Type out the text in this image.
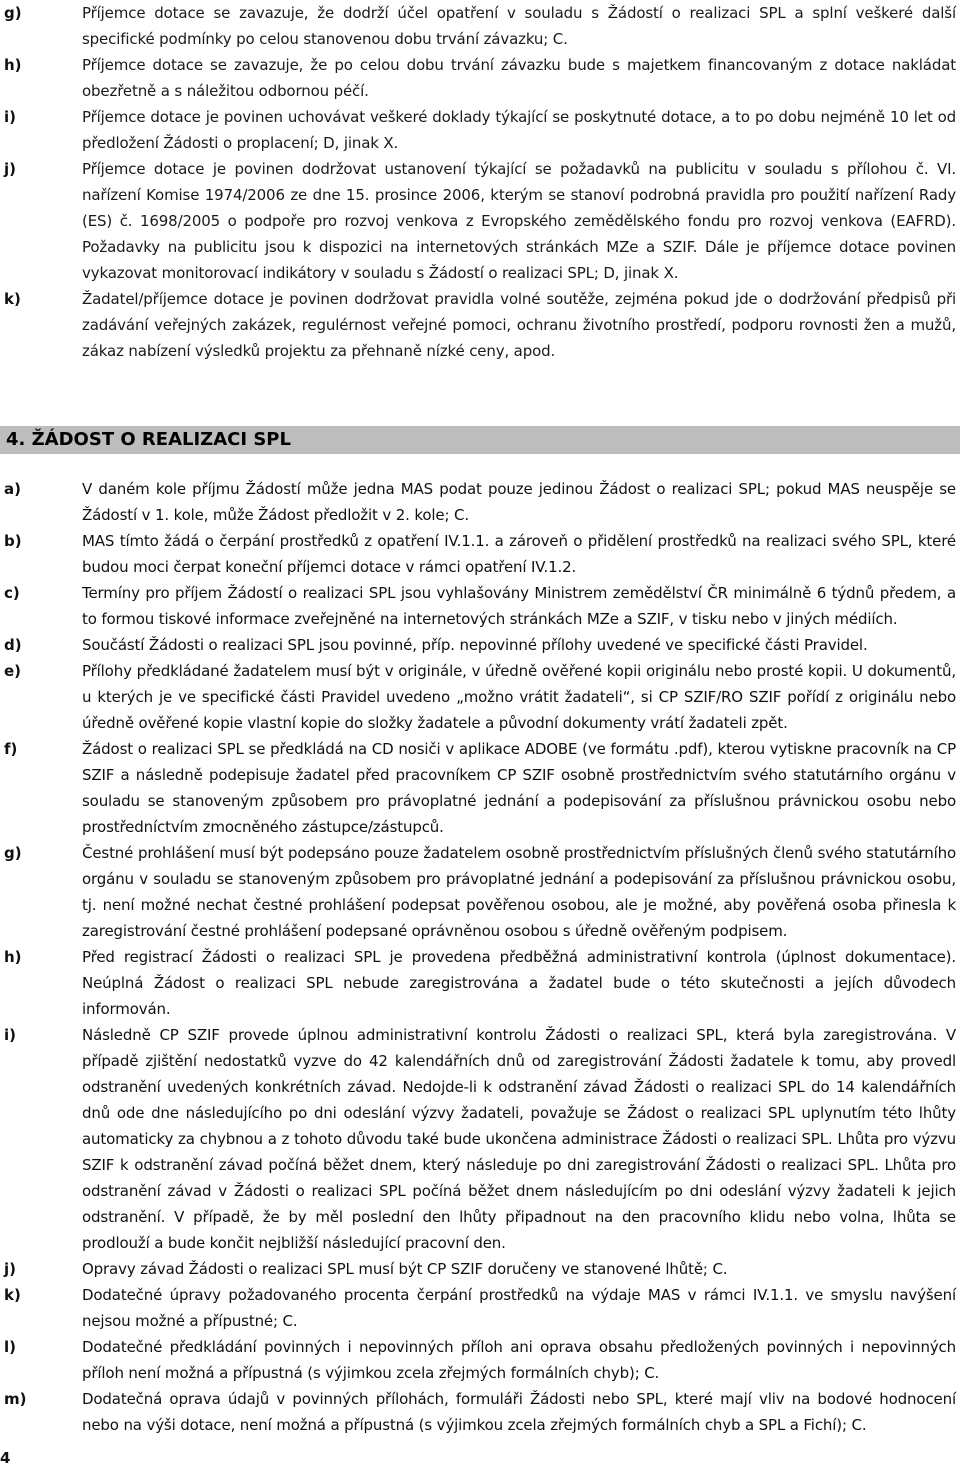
g)	Příjemce dotace se zavazuje, že dodrží účel opatření v souladu s Žádostí o realizaci SPL a splní veškeré další specifické podmínky po celou stanovenou dobu trvání závazku; C.
h)	Příjemce dotace se zavazuje, že po celou dobu trvání závazku bude s majetkem financovaným z dotace nakládat obezřetně a s náležitou odbornou péčí.
i)	Příjemce dotace je povinen uchovávat veškeré doklady týkající se poskytnuté dotace, a to po dobu nejméně 10 let od předložení Žádosti o proplacení; D, jinak X.
j)	Příjemce dotace je povinen dodržovat ustanovení týkající se požadavků na publicitu v souladu s přílohou č. VI. nařízení Komise 1974/2006 ze dne 15. prosince 2006, kterým se stanoví podrobná pravidla pro použití nařízení Rady (ES) č. 1698/2005 o podpoře pro rozvoj venkova z Evropského zemědělského fondu pro rozvoj venkova (EAFRD). Požadavky na publicitu jsou k dispozici na internetových stránkách MZe a SZIF. Dále je příjemce dotace povinen vykazovat monitorovací indikátory v souladu s Žádostí o realizaci SPL; D, jinak X.
k)	Žadatel/příjemce dotace je povinen dodržovat pravidla volné soutěže, zejména pokud jde o dodržování předpisů při zadávání veřejných zakázek, regulérnost veřejné pomoci, ochranu životního prostředí, podporu rovnosti žen a mužů, zákaz nabízení výsledků projektu za přehnaně nízké ceny, apod.
4. ŽÁDOST O REALIZACI SPL
a)	V daném kole příjmu Žádostí může jedna MAS podat pouze jedinou Žádost o realizaci SPL; pokud MAS neuspěje se Žádostí v 1. kole, může Žádost předložit v 2. kole; C.
b)	MAS tímto žádá o čerpání prostředků z opatření IV.1.1. a zároveň o přidělení prostředků na realizaci svého SPL, které budou moci čerpat koneční příjemci dotace v rámci opatření IV.1.2.
c)	Termíny pro příjem Žádostí o realizaci SPL jsou vyhlašovány Ministrem zemědělství ČR minimálně 6 týdnů předem, a to formou tiskové informace zveřejněné na internetových stránkách MZe a SZIF, v tisku nebo v jiných médiích.
d)	Součástí Žádosti o realizaci SPL jsou povinné, příp. nepovinné přílohy uvedené ve specifické části Pravidel.
e)	Přílohy předkládané žadatelem musí být v originále, v úředně ověřené kopii originálu nebo prosté kopii. U dokumentů, u kterých je ve specifické části Pravidel uvedeno „možno vrátit žadateli“, si CP SZIF/RO SZIF pořídí z originálu nebo úředně ověřené kopie vlastní kopie do složky žadatele a původní dokumenty vrátí žadateli zpět.
f)	Žádost o realizaci SPL se předkládá na CD nosiči v aplikace ADOBE (ve formátu .pdf), kterou vytiskne pracovník na CP SZIF a následně podepisuje žadatel před pracovníkem CP SZIF osobně prostřednictvím svého statutárního orgánu v souladu se stanoveným způsobem pro právoplatné jednání a podepisování za příslušnou právnickou osobu nebo prostředníctvím zmocněného zástupce/zástupců.
g)	Čestné prohlášení musí být podepsáno pouze žadatelem osobně prostřednictvím příslušných členů svého statutárního orgánu v souladu se stanoveným způsobem pro právoplatné jednání a podepisování za příslušnou právnickou osobu, tj. není možné nechat čestné prohlášení podepsat pověřenou osobou, ale je možné, aby pověřená osoba přinesla k zaregistrování čestné prohlášení podepsané oprávněnou osobou s úředně ověřeným podpisem.
h)	Před registrací Žádosti o realizaci SPL je provedena předběžná administrativní kontrola (úplnost dokumentace). Neúplná Žádost o realizaci SPL nebude zaregistrována a žadatel bude o této skutečnosti a jejích důvodech informován.
i)	Následně CP SZIF provede úplnou administrativní kontrolu Žádosti o realizaci SPL, která byla zaregistrována. V případě zjištění nedostatků vyzve do 42 kalendářních dnů od zaregistrování Žádosti žadatele k tomu, aby provedl odstranění uvedených konkrétních závad. Nedojde-li k odstranění závad Žádosti o realizaci SPL do 14 kalendářních dnů ode dne následujícího po dni odeslání výzvy žadateli, považuje se Žádost o realizaci SPL uplynutím této lhůty automaticky za chybnou a z tohoto důvodu také bude ukončena administrace Žádosti o realizaci SPL. Lhůta pro výzvu SZIF k odstranění závad počíná běžet dnem, který následuje po dni zaregistrování Žádosti o realizaci SPL. Lhůta pro odstranění závad v Žádosti o realizaci SPL počíná běžet dnem následujícím po dni odeslání výzvy žadateli k jejich odstranění. V případě, že by měl poslední den lhůty připadnout na den pracovního klidu nebo volna, lhůta se prodlouží a bude končit nejbližší následující pracovní den.
j)	Opravy závad Žádosti o realizaci SPL musí být CP SZIF doručeny ve stanovené lhůtě; C.
k)	Dodatečné úpravy požadovaného procenta čerpání prostředků na výdaje MAS v rámci IV.1.1. ve smyslu navýšení nejsou možné a přípustné; C.
l)	Dodatečné předkládání povinných i nepovinných příloh ani oprava obsahu předložených povinných i nepovinných příloh není možná a přípustná (s výjimkou zcela zřejmých formálních chyb); C.
m)	Dodatečná oprava údajů v povinných přílohách, formuláři Žádosti nebo SPL, které mají vliv na bodové hodnocení nebo na výši dotace, není možná a přípustná (s výjimkou zcela zřejmých formálních chyb a SPL a Fichí); C.
4
